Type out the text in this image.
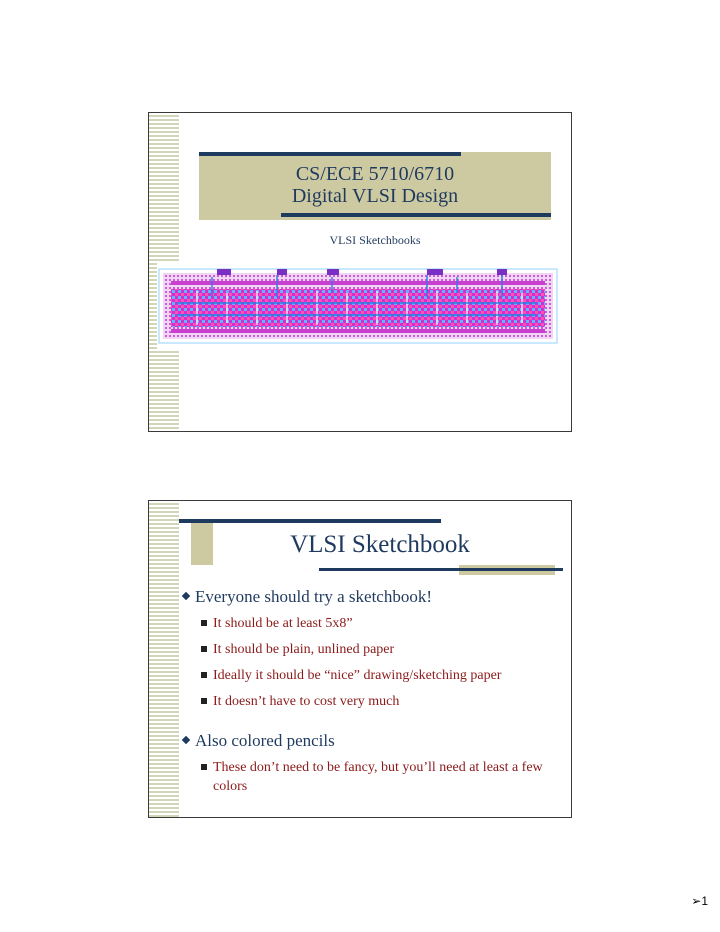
CS/ECE 5710/6710
Digital VLSI Design
VLSI Sketchbooks
VLSI Sketchbook
Everyone should try a sketchbook!
It should be at least 5x8”
It should be plain, unlined paper
Ideally it should be “nice” drawing/sketching paper
It doesn’t have to cost very much
Also colored pencils
These don’t need to be fancy, but you’ll need at least a few colors
➢1
